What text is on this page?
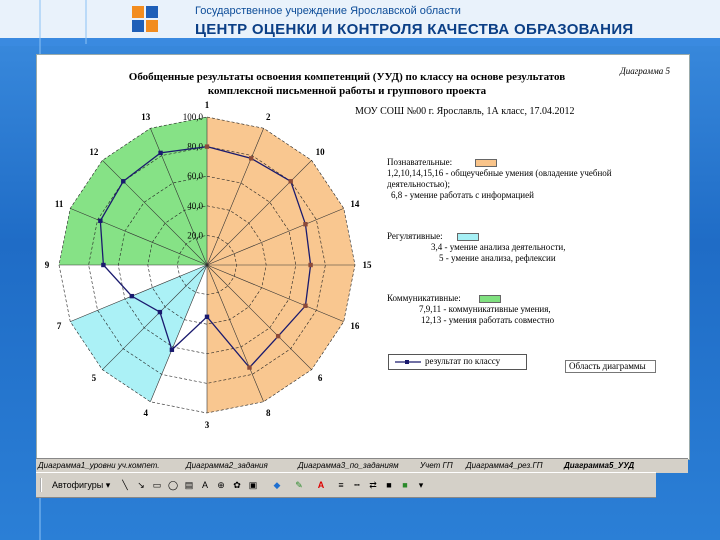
Государственное учреждение Ярославской области
ЦЕНТР ОЦЕНКИ И КОНТРОЛЯ КАЧЕСТВА ОБРАЗОВАНИЯ
Обобщенные результаты освоения компетенций (УУД) по классу на основе результатов
комплексной письменной работы и группового проекта
МОУ СОШ №00 г. Ярославль, 1А класс, 17.04.2012
Диаграмма 5
20,0
40,0
60,0
80,0
100,0
1
2
10
14
15
16
6
8
3
4
5
7
9
11
12
13
Познавательные:
1,2,10,14,15,16 - общеучебные умения (овладение учебной
деятельностью);
6,8 - умение работать с информацией
Регулятивные:
3,4 - умение анализа деятельности,
5 - умение анализа, рефлексии
Коммуникативные:
7,9,11 - коммуникативные умения,
12,13 - умения работать совместно
результат по классу	Область диаграммы
Диаграмма1_уровни уч.компет.	Диаграмма2_задания	Диаграмма3_по_заданиям	Учет ГП Диаграмма4_рез.ГП	Диаграмма5_УУД
Автофигуры ▾	╲	↘ ▭ ◯ ▤ A	⊕ ✿ ▣	◆	✎	A	≡	┅	⇄	■	■	▾
